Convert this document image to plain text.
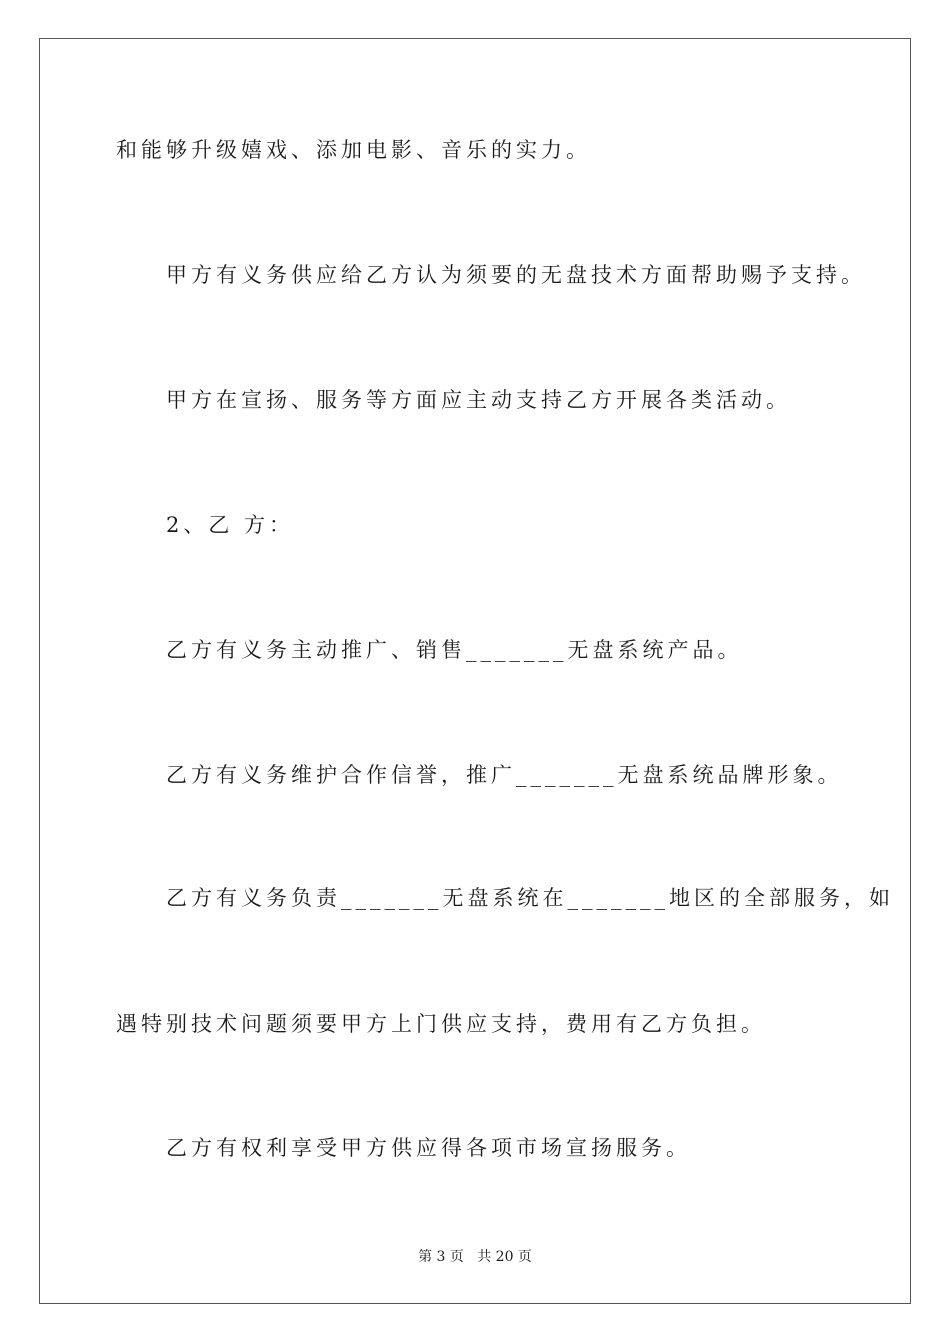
和能够升级嬉戏、添加电影、音乐的实力。
甲方有义务供应给乙方认为须要的无盘技术方面帮助赐予支持。
甲方在宣扬、服务等方面应主动支持乙方开展各类活动。
2、乙 方：
乙方有义务主动推广、销售_______无盘系统产品。
乙方有义务维护合作信誉，推广_______无盘系统品牌形象。
乙方有义务负责_______无盘系统在_______地区的全部服务，如
遇特别技术问题须要甲方上门供应支持，费用有乙方负担。
乙方有权利享受甲方供应得各项市场宣扬服务。
第 3 页   共 20 页
